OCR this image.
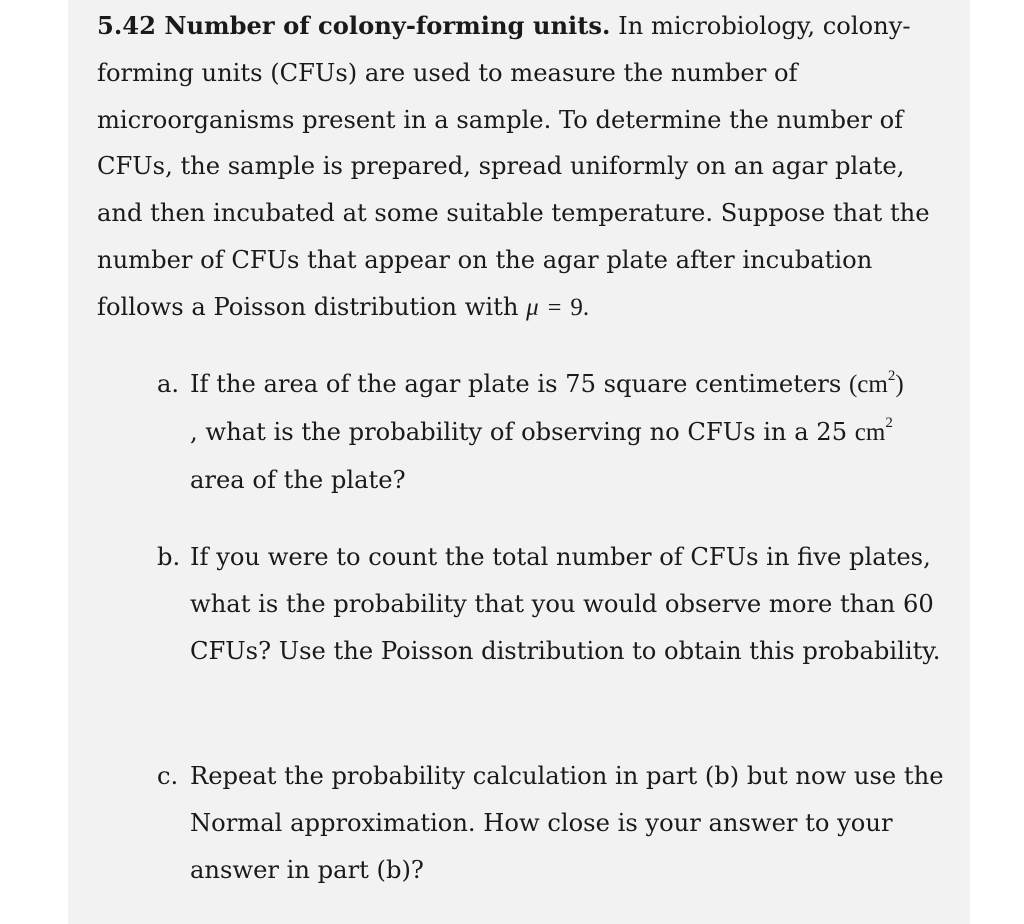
5.42 Number of colony-forming units. In microbiology, colony-forming units (CFUs) are used to measure the number of microorganisms present in a sample. To determine the number of CFUs, the sample is prepared, spread uniformly on an agar plate, and then incubated at some suitable temperature. Suppose that the number of CFUs that appear on the agar plate after incubation follows a Poisson distribution with μ = 9.

a. If the area of the agar plate is 75 square centimeters $(cm^2)$
, what is the probability of observing no CFUs in a 25 $cm^2$
area of the plate?

b. If you were to count the total number of CFUs in five plates, what is the probability that you would observe more than 60 CFUs? Use the Poisson distribution to obtain this probability.

c. Repeat the probability calculation in part (b) but now use the Normal approximation. How close is your answer to your answer in part (b)?
